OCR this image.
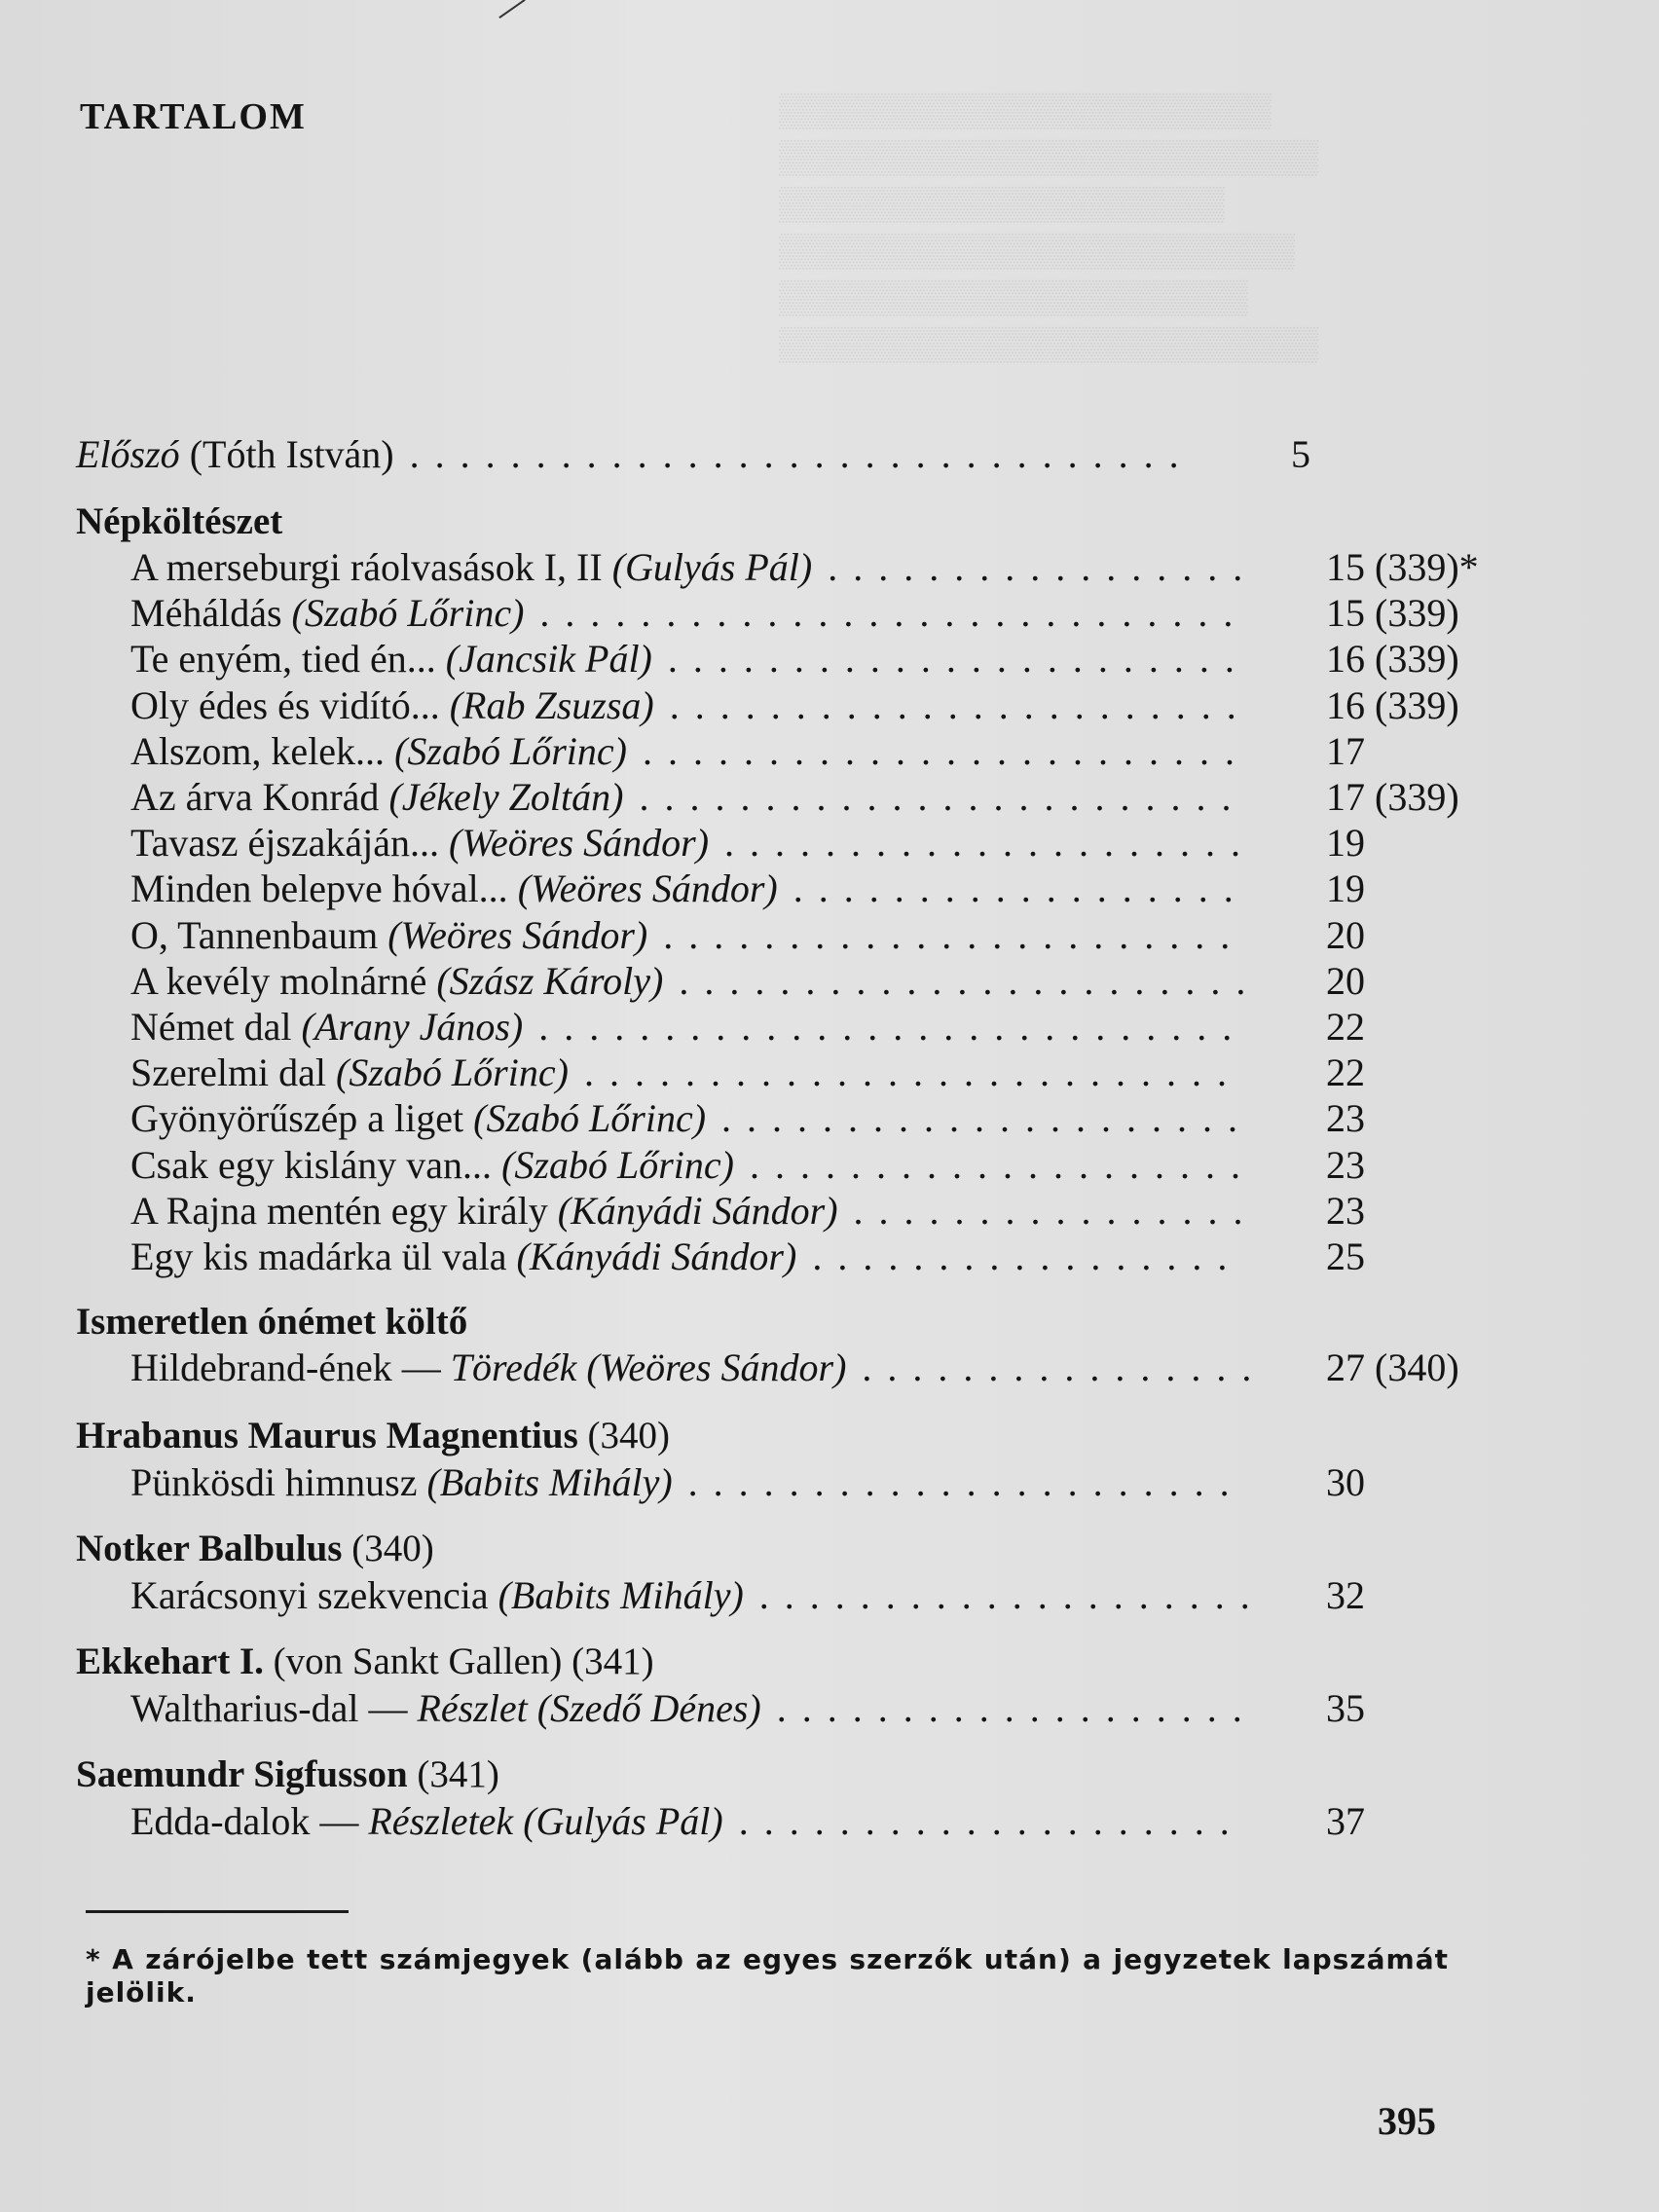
▒▒▒▒▒▒▒▒▒▒▒▒▒▒▒▒▒▒▒▒▒
▒▒▒▒▒▒▒▒▒▒▒▒▒▒▒▒▒▒▒▒▒▒▒
▒▒▒▒▒▒▒▒▒▒▒▒▒▒▒▒▒▒▒
▒▒▒▒▒▒▒▒▒▒▒▒▒▒▒▒▒▒▒▒▒▒
▒▒▒▒▒▒▒▒▒▒▒▒▒▒▒▒▒▒▒▒
▒▒▒▒▒▒▒▒▒▒▒▒▒▒▒▒▒▒▒▒▒▒▒
TARTALOM
Előszó (Tóth István)	5
...............................
Népköltészet
A merseburgi ráolvasások I, II (Gulyás Pál)	15 (339)*
.................
Méháldás (Szabó Lőrinc)	15 (339)
............................
Te enyém, tied én... (Jancsik Pál)	16 (339)
.......................
Oly édes és vidító... (Rab Zsuzsa)	16 (339)
.......................
Alszom, kelek... (Szabó Lőrinc)	17
........................
Az árva Konrád (Jékely Zoltán)	17 (339)
........................
Tavasz éjszakáján... (Weöres Sándor)	19
.....................
Minden belepve hóval... (Weöres Sándor)	19
..................
O, Tannenbaum (Weöres Sándor)	20
.......................
A kevély molnárné (Szász Károly)	20
.......................
Német dal (Arany János)	22
............................
Szerelmi dal (Szabó Lőrinc)	22
..........................
Gyönyörűszép a liget (Szabó Lőrinc)	23
.....................
Csak egy kislány van... (Szabó Lőrinc)	23
....................
A Rajna mentén egy király (Kányádi Sándor)	23
................
Egy kis madárka ül vala (Kányádi Sándor)	25
.................
Ismeretlen ónémet költő
Hildebrand-ének — Töredék (Weöres Sándor)	27 (340)
................
Hrabanus Maurus Magnentius (340)
Pünkösdi himnusz (Babits Mihály)	30
......................
Notker Balbulus (340)
Karácsonyi szekvencia (Babits Mihály)	32
....................
Ekkehart I. (von Sankt Gallen) (341)
Waltharius-dal — Részlet (Szedő Dénes)	35
...................
Saemundr Sigfusson (341)
Edda-dalok — Részletek (Gulyás Pál)	37
....................
* A zárójelbe tett számjegyek (alább az egyes szerzők után) a jegyzetek lapszámát jelölik.
395
